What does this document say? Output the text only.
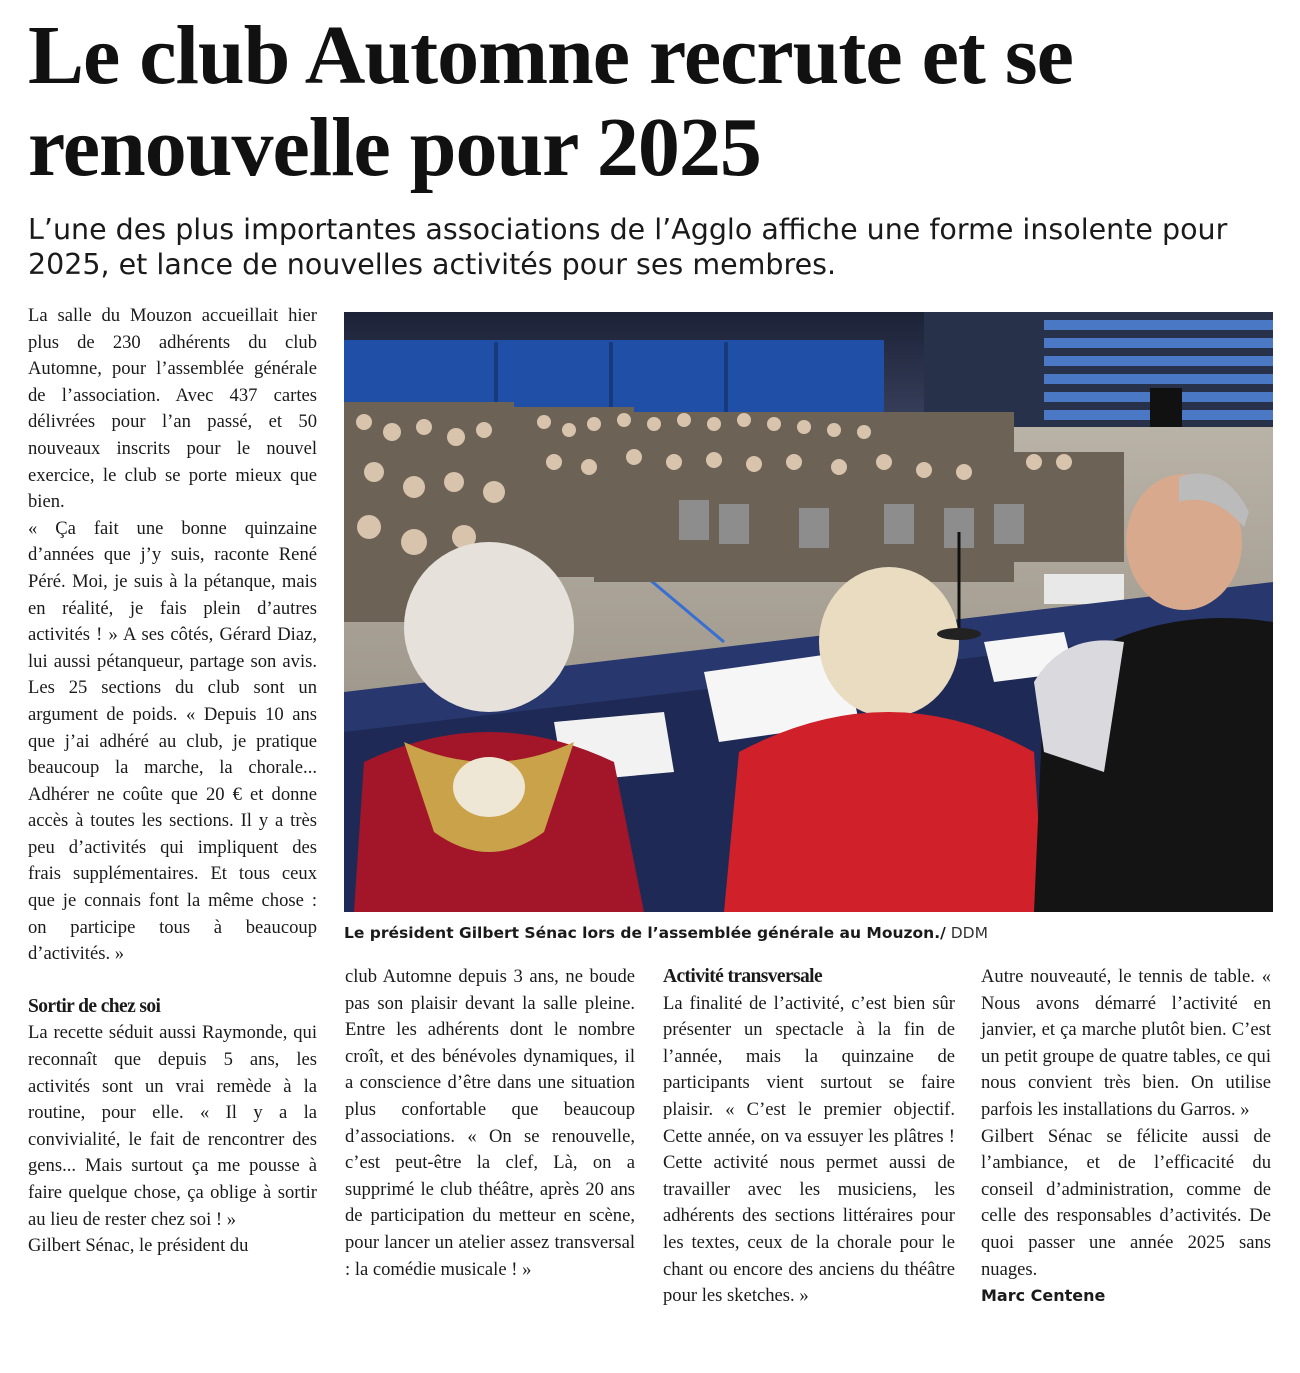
Le club Automne recrute et se renouvelle pour 2025

L’une des plus importantes associations de l’Agglo affiche une forme insolente pour 2025, et lance de nouvelles activités pour ses membres.

La salle du Mouzon accueillait hier plus de 230 adhérents du club Automne, pour l’assemblée générale de l’association. Avec 437 cartes délivrées pour l’an passé, et 50 nouveaux inscrits pour le nouvel exercice, le club se porte mieux que bien.

« Ça fait une bonne quinzaine d’années que j’y suis, raconte René Péré. Moi, je suis à la pétanque, mais en réalité, je fais plein d’autres activités ! » A ses côtés, Gérard Diaz, lui aussi pétanqueur, partage son avis. Les 25 sections du club sont un argument de poids. « Depuis 10 ans que j’ai adhéré au club, je pratique beaucoup la marche, la chorale... Adhérer ne coûte que 20 € et donne accès à toutes les sections. Il y a très peu d’activités qui impliquent des frais supplémentaires. Et tous ceux que je connais font la même chose : on participe tous à beaucoup d’activités. »

Sortir de chez soi

La recette séduit aussi Raymonde, qui reconnaît que depuis 5 ans, les activités sont un vrai remède à la routine, pour elle. « Il y a la convivialité, le fait de rencontrer des gens... Mais surtout ça me pousse à faire quelque chose, ça oblige à sortir au lieu de rester chez soi ! »

Gilbert Sénac, le président du

Le président Gilbert Sénac lors de l’assemblée générale au Mouzon./ DDM

club Automne depuis 3 ans, ne boude pas son plaisir devant la salle pleine. Entre les adhérents dont le nombre croît, et des bénévoles dynamiques, il a conscience d’être dans une situation plus confortable que beaucoup d’associations. « On se renouvelle, c’est peut-être la clef, Là, on a supprimé le club théâtre, après 20 ans de participation du metteur en scène, pour lancer un atelier assez transversal : la comédie musicale ! »

Activité transversale

La finalité de l’activité, c’est bien sûr présenter un spectacle à la fin de l’année, mais la quinzaine de participants vient surtout se faire plaisir. « C’est le premier objectif. Cette année, on va essuyer les plâtres ! Cette activité nous permet aussi de travailler avec les musiciens, les adhérents des sections littéraires pour les textes, ceux de la chorale pour le chant ou encore des anciens du théâtre pour les sketches. »

Autre nouveauté, le tennis de table. « Nous avons démarré l’activité en janvier, et ça marche plutôt bien. C’est un petit groupe de quatre tables, ce qui nous convient très bien. On utilise parfois les installations du Garros. »

Gilbert Sénac se félicite aussi de l’ambiance, et de l’efficacité du conseil d’administration, comme de celle des responsables d’activités. De quoi passer une année 2025 sans nuages.

Marc Centene
